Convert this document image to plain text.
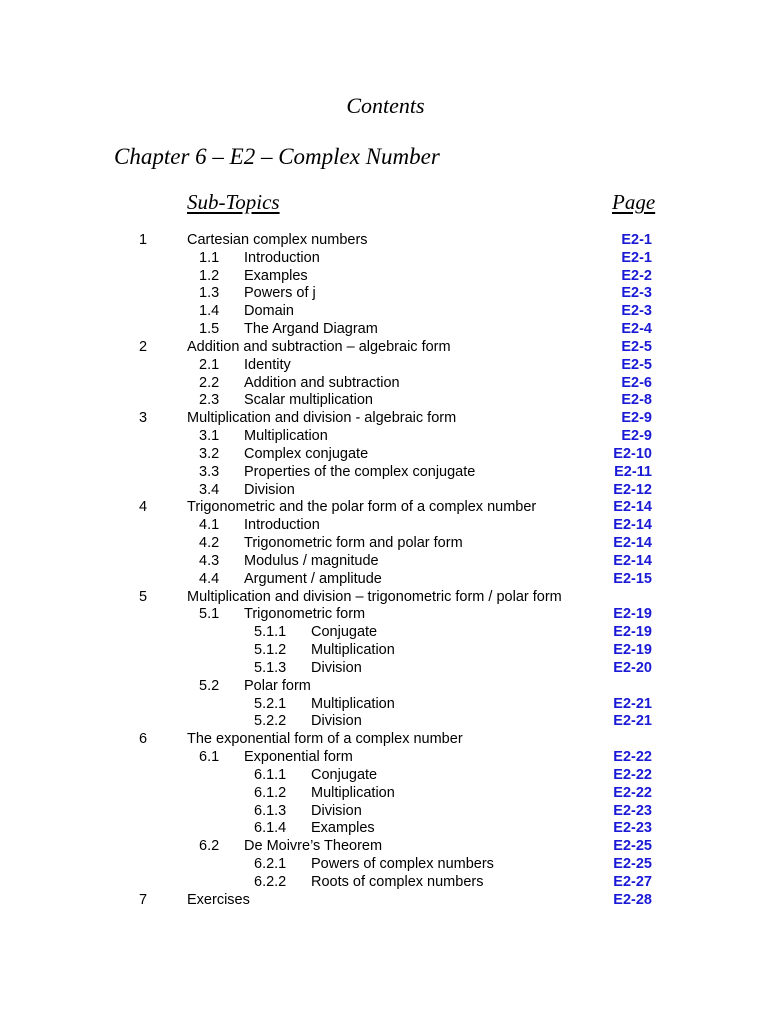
Contents
Chapter 6 – E2 – Complex Number
Sub-Topics	Page
1	Cartesian complex numbers	E2-1
1.1 Introduction	E2-1
1.2 Examples	E2-2
1.3 Powers of j	E2-3
1.4 Domain	E2-3
1.5 The Argand Diagram	E2-4
2	Addition and subtraction – algebraic form	E2-5
2.1 Identity	E2-5
2.2 Addition and subtraction	E2-6
2.3 Scalar multiplication	E2-8
3	Multiplication and division - algebraic form	E2-9
3.1 Multiplication	E2-9
3.2 Complex conjugate	E2-10
3.3 Properties of the complex conjugate	E2-11
3.4 Division	E2-12
4	Trigonometric and the polar form of a complex number	E2-14
4.1 Introduction	E2-14
4.2 Trigonometric form and polar form	E2-14
4.3 Modulus / magnitude	E2-14
4.4 Argument / amplitude	E2-15
5	Multiplication and division – trigonometric form / polar form
5.1 Trigonometric form	E2-19
5.1.1 Conjugate	E2-19
5.1.2 Multiplication	E2-19
5.1.3 Division	E2-20
5.2 Polar form
5.2.1 Multiplication	E2-21
5.2.2 Division	E2-21
6	The exponential form of a complex number
6.1 Exponential form	E2-22
6.1.1 Conjugate	E2-22
6.1.2 Multiplication	E2-22
6.1.3 Division	E2-23
6.1.4 Examples	E2-23
6.2 De Moivre’s Theorem	E2-25
6.2.1 Powers of complex numbers	E2-25
6.2.2 Roots of complex numbers	E2-27
7	Exercises	E2-28
